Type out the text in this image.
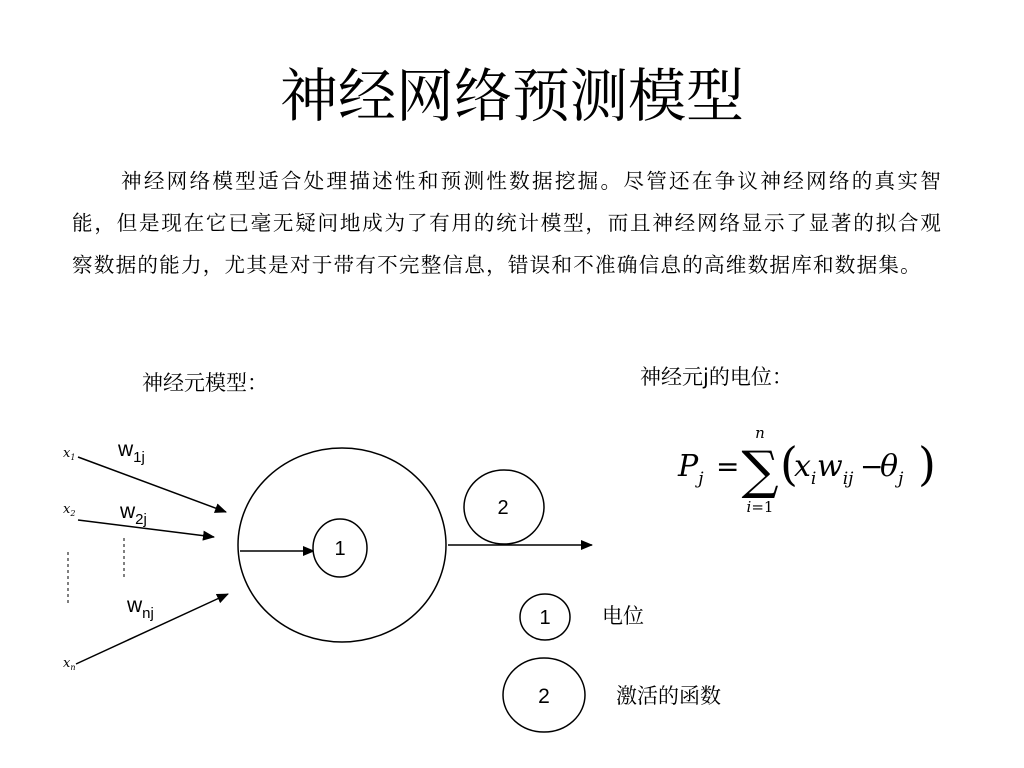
神经网络预测模型
神经网络模型适合处理描述性和预测性数据挖掘。尽管还在争议神经网络的真实智能，但是现在它已毫无疑问地成为了有用的统计模型，而且神经网络显示了显著的拟合观察数据的能力，尤其是对于带有不完整信息，错误和不准确信息的高维数据库和数据集。
神经元模型：	神经元j的电位：
$x_1$
$x_2$
$x_n$
$w_{1j}$
$w_{2j}$
$w_{nj}$
1
2
1
2
电位
激活的函数
$P_j$ =
n
∑
i=1
(
$x_i$ $w_{ij}$ −
$\theta_j$ )
